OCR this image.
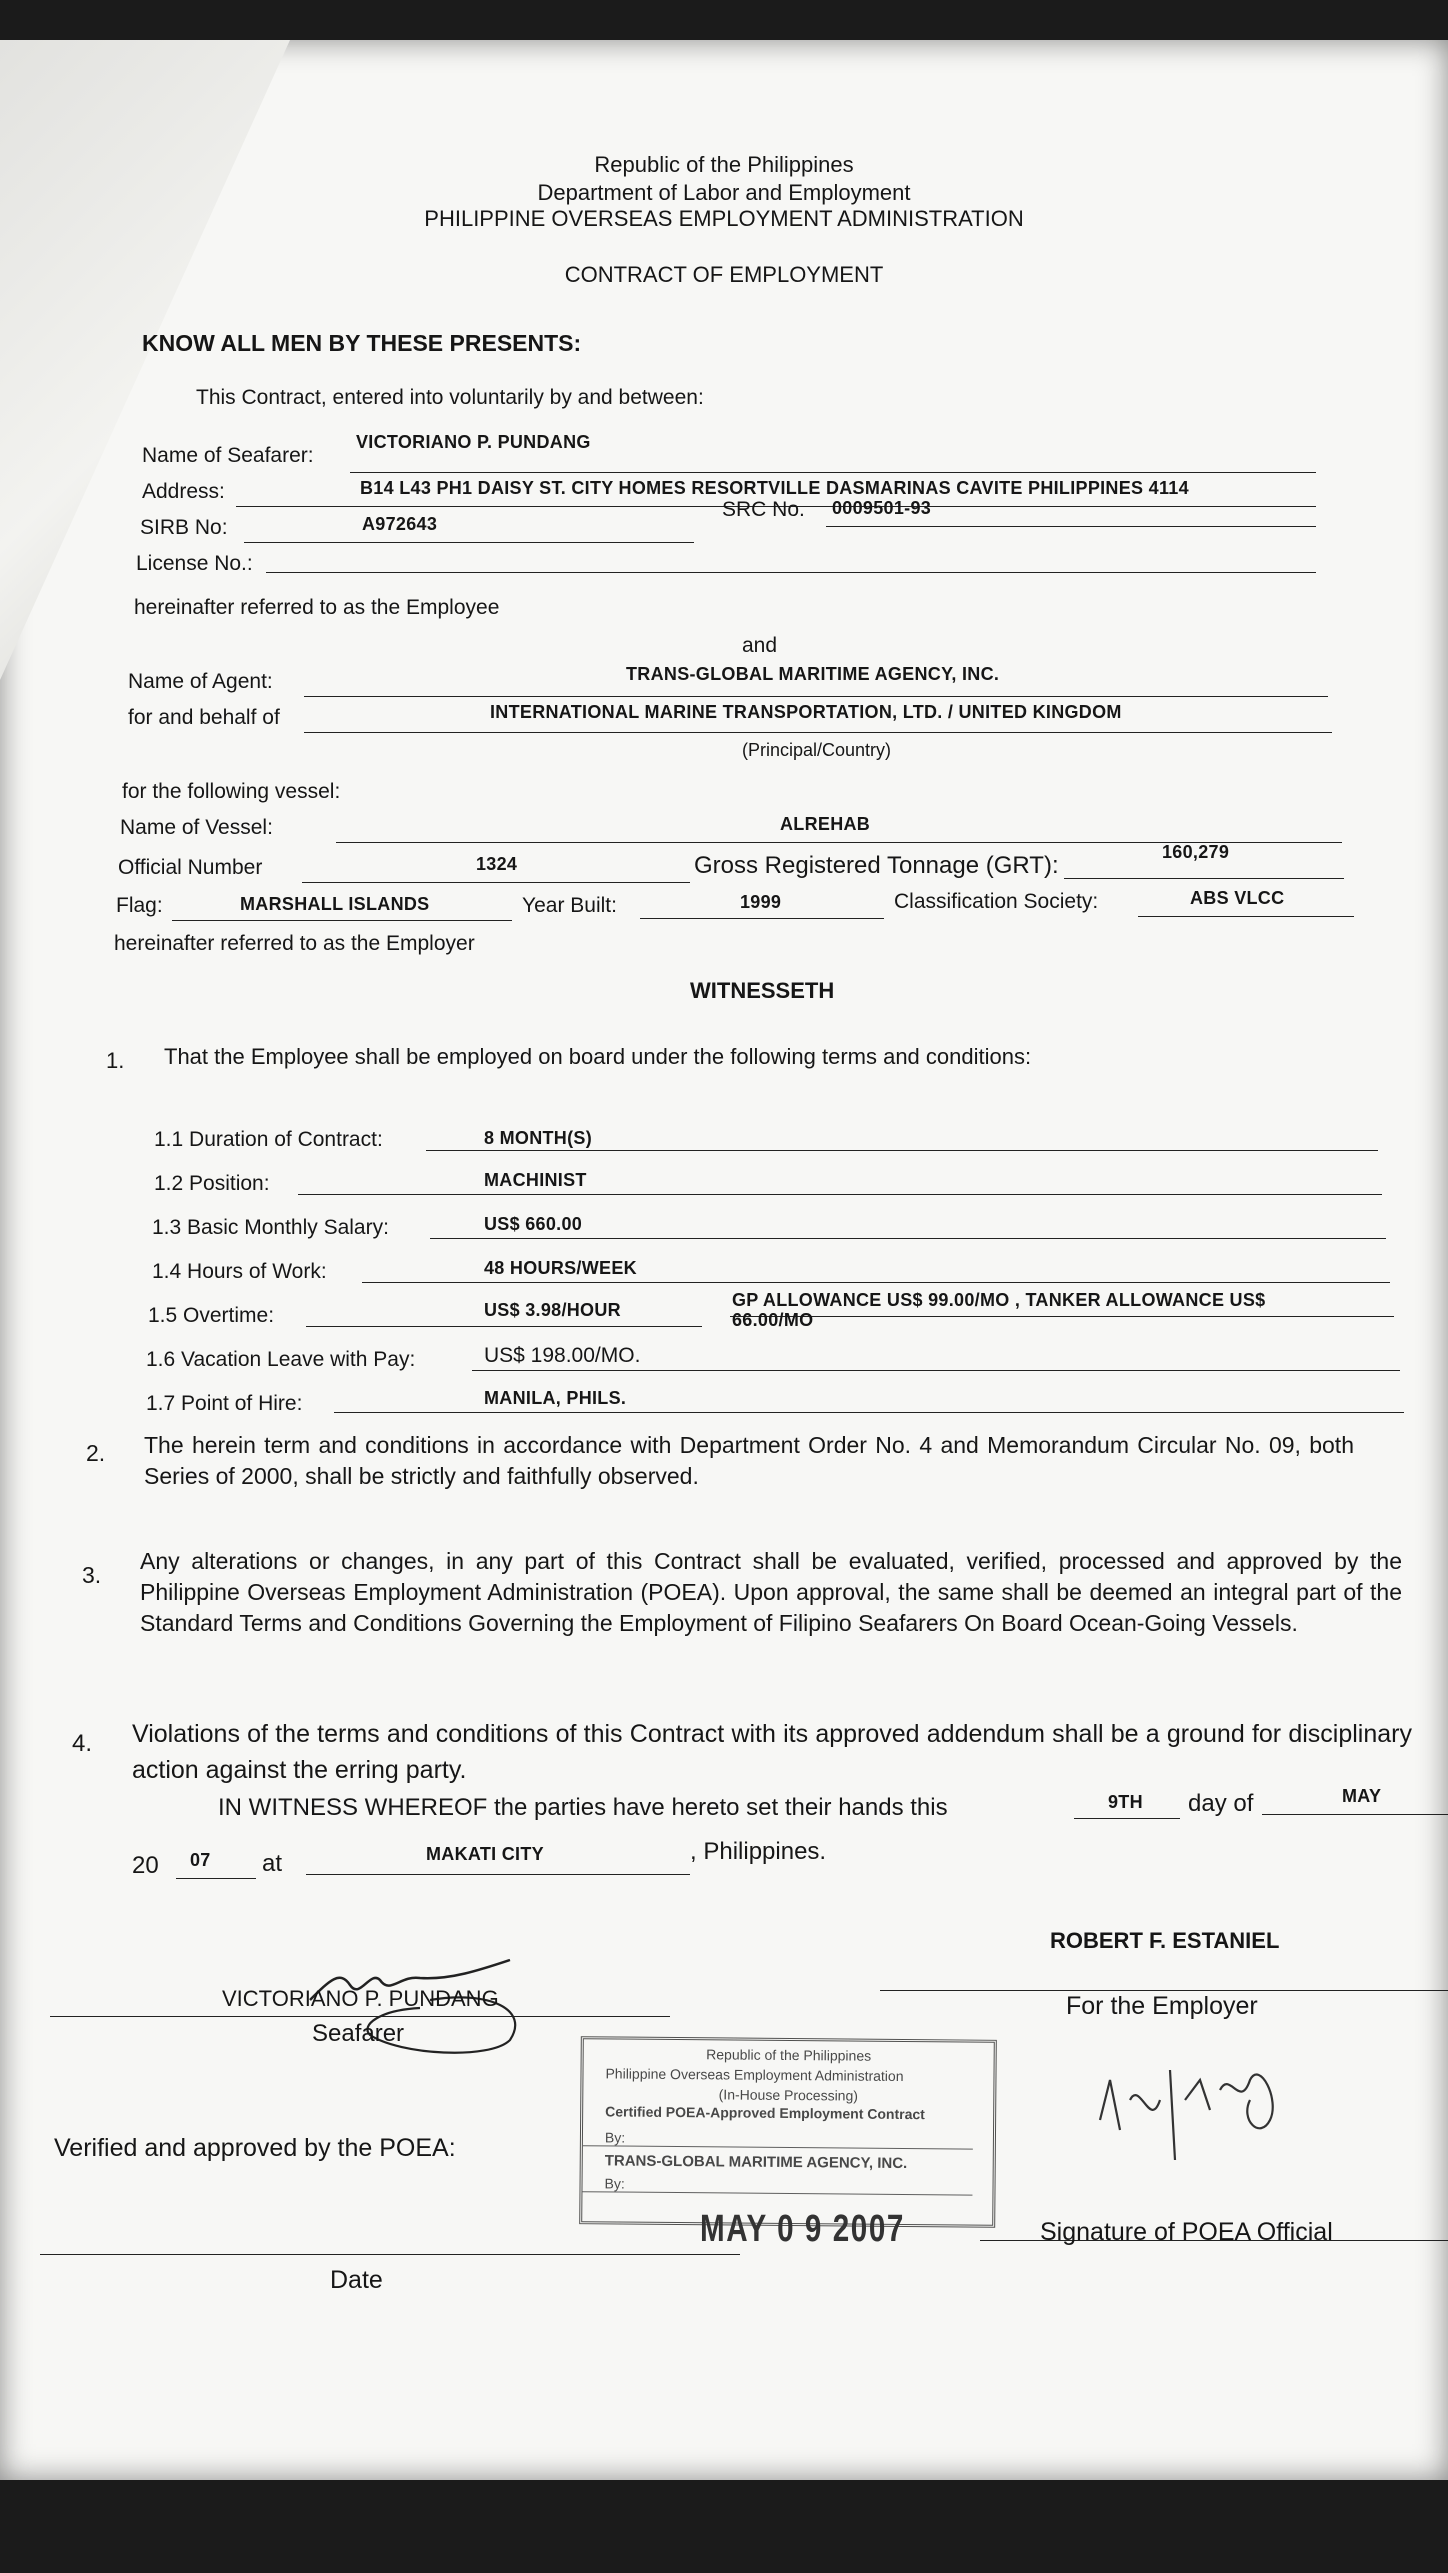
Republic of the Philippines
Department of Labor and Employment
PHILIPPINE OVERSEAS EMPLOYMENT ADMINISTRATION
CONTRACT OF EMPLOYMENT
KNOW ALL MEN BY THESE PRESENTS:
This Contract, entered into voluntarily by and between:
Name of Seafarer:
VICTORIANO P. PUNDANG
Address:	B14 L43 PH1 DAISY ST. CITY HOMES RESORTVILLE DASMARINAS CAVITE PHILIPPINES 4114
SIRB No:	A972643
SRC No. 0009501-93
License No.:
hereinafter referred to as the Employee
and
Name of Agent:	TRANS-GLOBAL MARITIME AGENCY, INC.
for and behalf of	INTERNATIONAL MARINE TRANSPORTATION, LTD. / UNITED KINGDOM
(Principal/Country)
for the following vessel:
Name of Vessel:	ALREHAB
Official Number	1324	Gross Registered Tonnage (GRT):	160,279
Flag:	MARSHALL ISLANDS	Year Built:	1999	Classification Society:	ABS VLCC
hereinafter referred to as the Employer
WITNESSETH
1. That the Employee shall be employed on board under the following terms and conditions:
1.1 Duration of Contract:	8 MONTH(S)
1.2 Position:	MACHINIST
1.3 Basic Monthly Salary:	US$ 660.00
1.4 Hours of Work:	48 HOURS/WEEK
1.5 Overtime:	US$ 3.98/HOUR	GP ALLOWANCE US$ 99.00/MO , TANKER ALLOWANCE US$
66.00/MO
1.6 Vacation Leave with Pay:	US$ 198.00/MO.
1.7 Point of Hire:	MANILA, PHILS.
2. The herein term and conditions in accordance with Department Order No. 4 and Memorandum Circular No. 09, both Series of 2000, shall be strictly and faithfully observed.
3.
Any alterations or changes, in any part of this Contract shall be evaluated, verified, processed and approved by the Philippine Overseas Employment Administration (POEA). Upon approval, the same shall be deemed an integral part of the Standard Terms and Conditions Governing the Employment of Filipino Seafarers On Board Ocean-Going Vessels.
4. Violations of the terms and conditions of this Contract with its approved addendum shall be a ground for disciplinary action against the erring party.
IN WITNESS WHEREOF the parties have hereto set their hands this	9TH day of	MAY
20 07 at	MAKATI CITY	, Philippines.
VICTORIANO P. PUNDANG
Seafarer
ROBERT F. ESTANIEL
For the Employer
Verified and approved by the POEA:
Republic of the Philippines
Philippine Overseas Employment Administration
(In-House Processing)
Certified POEA-Approved Employment Contract
By:
TRANS-GLOBAL MARITIME AGENCY, INC.
By:
MAY 0 9 2007	Signature of POEA Official
Date
